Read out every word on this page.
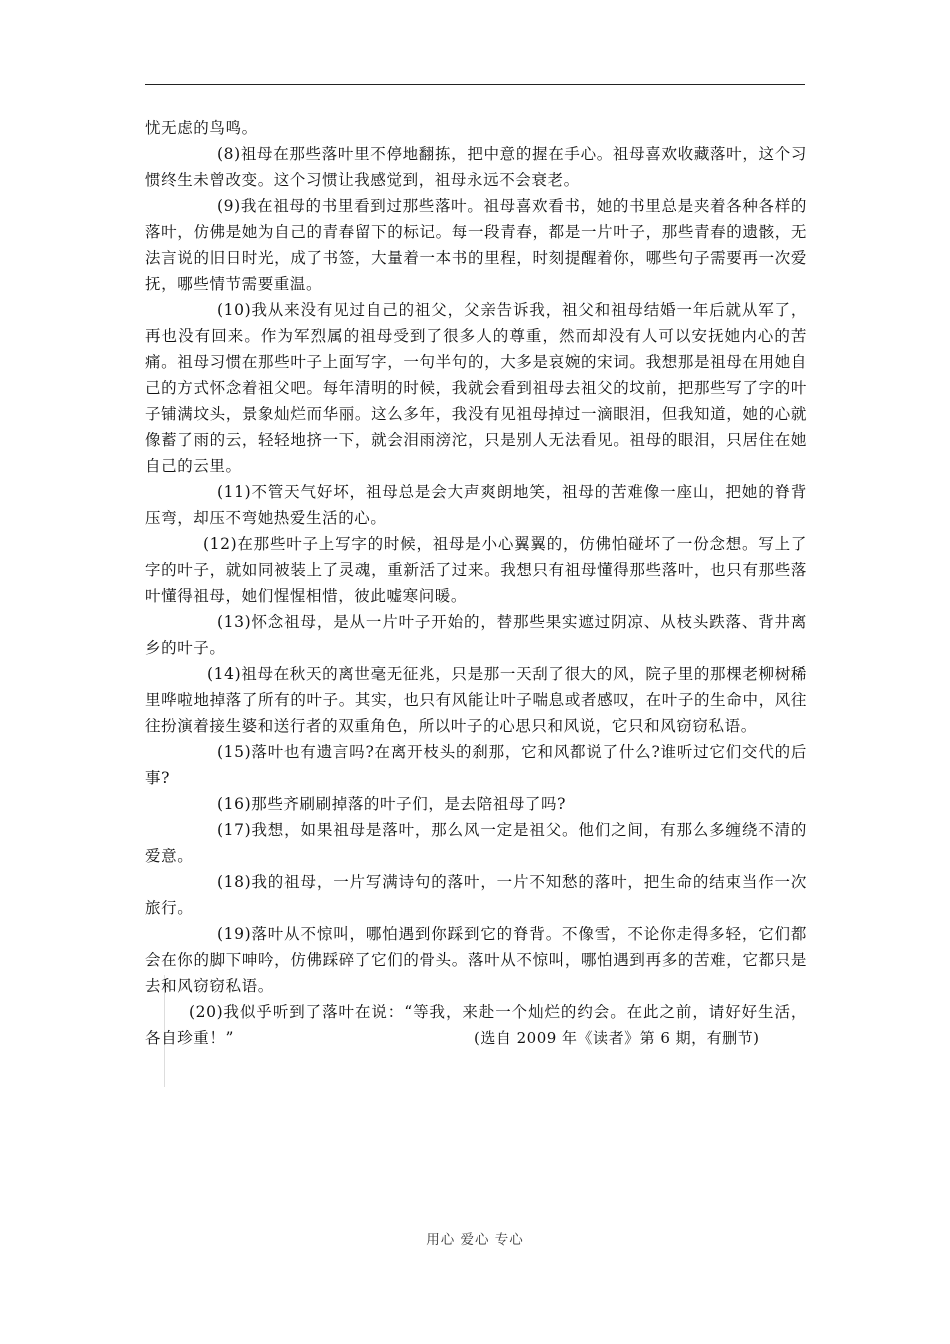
忧无虑的鸟鸣。

(8)祖母在那些落叶里不停地翻拣，把中意的握在手心。祖母喜欢收藏落叶，这个习惯终生未曾改变。这个习惯让我感觉到，祖母永远不会衰老。

(9)我在祖母的书里看到过那些落叶。祖母喜欢看书，她的书里总是夹着各种各样的落叶，仿佛是她为自己的青春留下的标记。每一段青春，都是一片叶子，那些青春的遗骸，无法言说的旧日时光，成了书签，大量着一本书的里程，时刻提醒着你，哪些句子需要再一次爱抚，哪些情节需要重温。

(10)我从来没有见过自己的祖父，父亲告诉我，祖父和祖母结婚一年后就从军了，再也没有回来。作为军烈属的祖母受到了很多人的尊重，然而却没有人可以安抚她内心的苦痛。祖母习惯在那些叶子上面写字，一句半句的，大多是哀婉的宋词。我想那是祖母在用她自己的方式怀念着祖父吧。每年清明的时候，我就会看到祖母去祖父的坟前，把那些写了字的叶子铺满坟头，景象灿烂而华丽。这么多年，我没有见祖母掉过一滴眼泪，但我知道，她的心就像蓄了雨的云，轻轻地挤一下，就会泪雨滂沱，只是别人无法看见。祖母的眼泪，只居住在她自己的云里。

(11)不管天气好坏，祖母总是会大声爽朗地笑，祖母的苦难像一座山，把她的脊背压弯，却压不弯她热爱生活的心。

(12)在那些叶子上写字的时候，祖母是小心翼翼的，仿佛怕碰坏了一份念想。写上了字的叶子，就如同被装上了灵魂，重新活了过来。我想只有祖母懂得那些落叶，也只有那些落叶懂得祖母，她们惺惺相惜，彼此嘘寒问暖。

(13)怀念祖母，是从一片叶子开始的，替那些果实遮过阴凉、从枝头跌落、背井离乡的叶子。

(14)祖母在秋天的离世毫无征兆，只是那一天刮了很大的风，院子里的那棵老柳树稀里哗啦地掉落了所有的叶子。其实，也只有风能让叶子喘息或者感叹，在叶子的生命中，风往往扮演着接生婆和送行者的双重角色，所以叶子的心思只和风说，它只和风窃窃私语。

(15)落叶也有遗言吗?在离开枝头的刹那，它和风都说了什么?谁听过它们交代的后事?

(16)那些齐刷刷掉落的叶子们，是去陪祖母了吗?

(17)我想，如果祖母是落叶，那么风一定是祖父。他们之间，有那么多缠绕不清的爱意。

(18)我的祖母，一片写满诗句的落叶，一片不知愁的落叶，把生命的结束当作一次旅行。

(19)落叶从不惊叫，哪怕遇到你踩到它的脊背。不像雪，不论你走得多轻，它们都会在你的脚下呻吟，仿佛踩碎了它们的骨头。落叶从不惊叫，哪怕遇到再多的苦难，它都只是去和风窃窃私语。

(20)我似乎听到了落叶在说：“等我，来赴一个灿烂的约会。在此之前，请好好生活，各自珍重！”	(选自 2009 年《读者》第 6 期，有删节)
用心 爱心 专心
